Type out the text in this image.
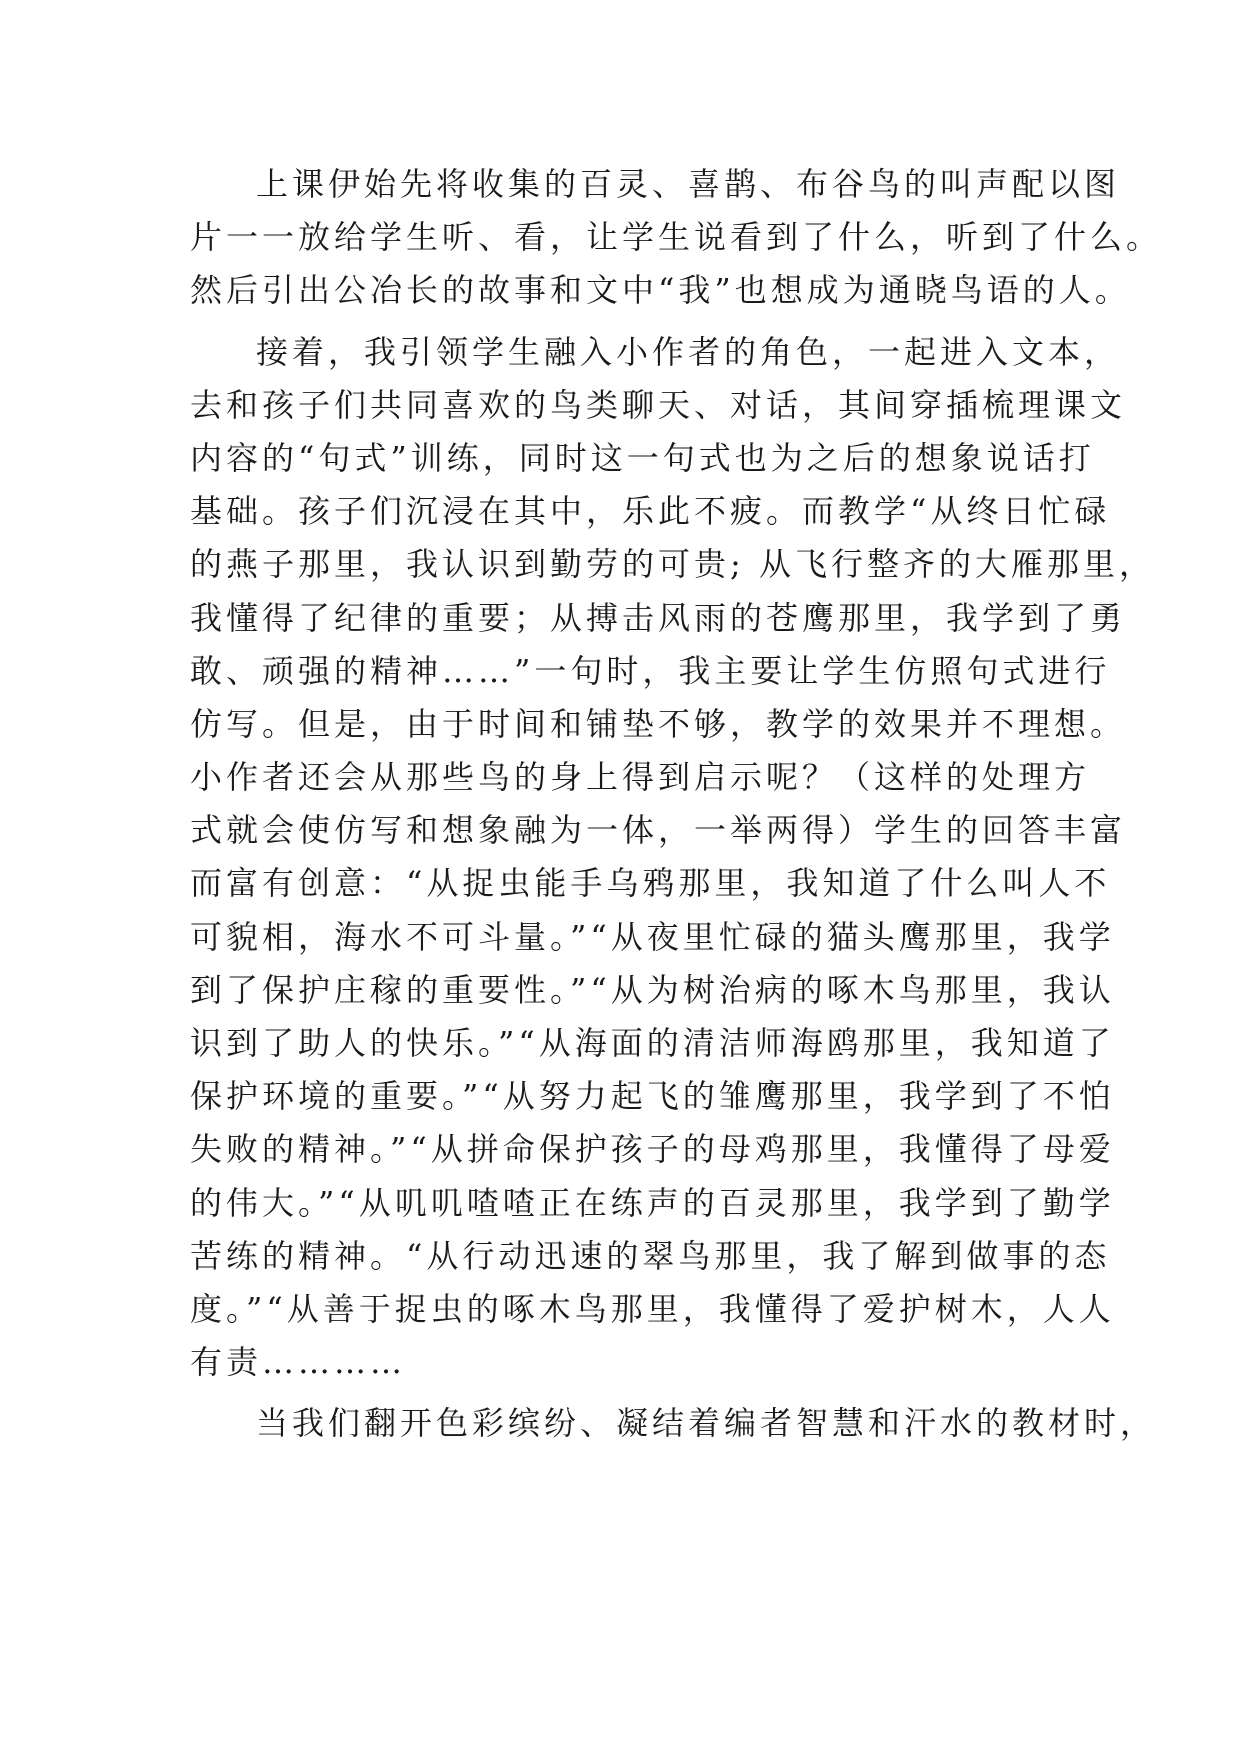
上课伊始先将收集的百灵、喜鹊、布谷鸟的叫声配以图
片一一放给学生听、看，让学生说看到了什么，听到了什么。
然后引出公冶长的故事和文中“我”也想成为通晓鸟语的人。
接着，我引领学生融入小作者的角色，一起进入文本，
去和孩子们共同喜欢的鸟类聊天、对话，其间穿插梳理课文
内容的“句式”训练，同时这一句式也为之后的想象说话打
基础。孩子们沉浸在其中，乐此不疲。而教学“从终日忙碌
的燕子那里，我认识到勤劳的可贵; 从飞行整齐的大雁那里，
我懂得了纪律的重要；从搏击风雨的苍鹰那里，我学到了勇
敢、顽强的精神……”一句时，我主要让学生仿照句式进行
仿写。但是，由于时间和铺垫不够，教学的效果并不理想。
小作者还会从那些鸟的身上得到启示呢？（这样的处理方
式就会使仿写和想象融为一体，一举两得）学生的回答丰富
而富有创意：“从捉虫能手乌鸦那里，我知道了什么叫人不
可貌相，海水不可斗量。”“从夜里忙碌的猫头鹰那里，我学
到了保护庄稼的重要性。”“从为树治病的啄木鸟那里，我认
识到了助人的快乐。”“从海面的清洁师海鸥那里，我知道了
保护环境的重要。”“从努力起飞的雏鹰那里，我学到了不怕
失败的精神。”“从拼命保护孩子的母鸡那里，我懂得了母爱
的伟大。”“从叽叽喳喳正在练声的百灵那里，我学到了勤学
苦练的精神。“从行动迅速的翠鸟那里，我了解到做事的态
度。”“从善于捉虫的啄木鸟那里，我懂得了爱护树木，人人
有责…………
当我们翻开色彩缤纷、凝结着编者智慧和汗水的教材时，
